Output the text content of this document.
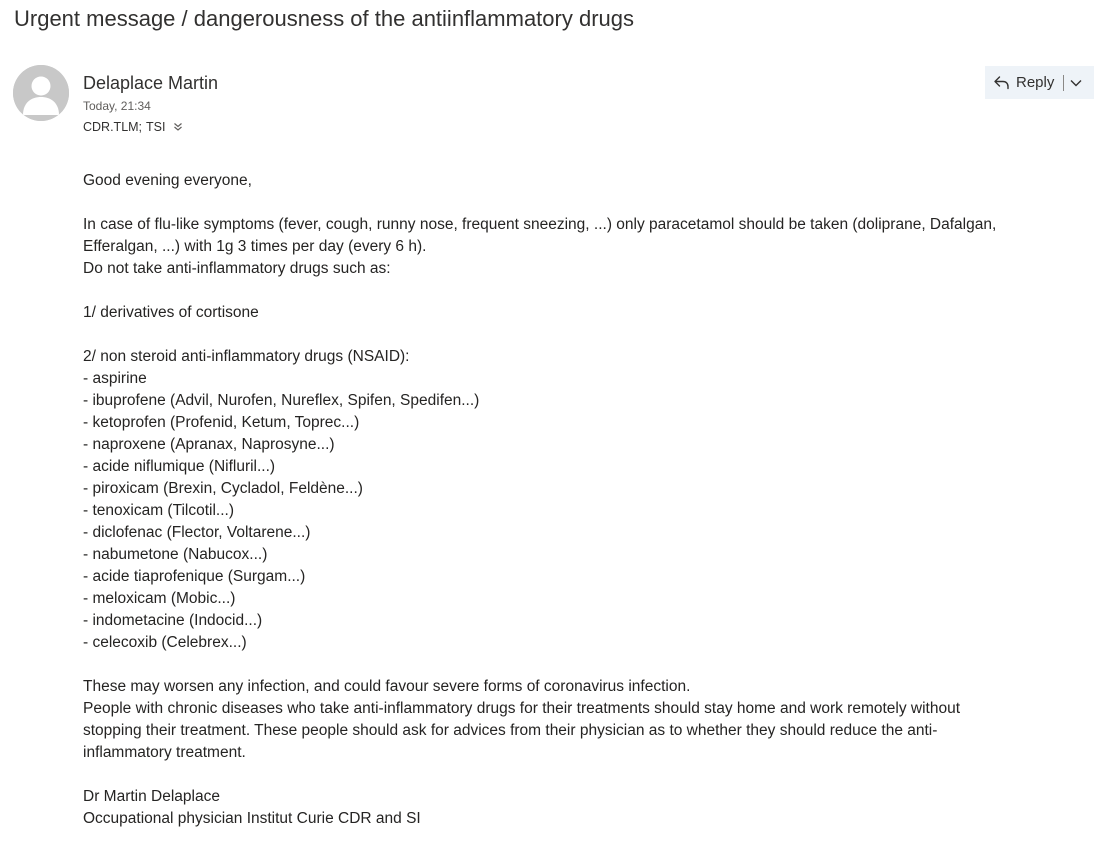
Urgent message / dangerousness of the antiinflammatory drugs
Delaplace Martin
Today, 21:34
CDR.TLM; TSI
Reply

Good evening everyone,

In case of flu-like symptoms (fever, cough, runny nose, frequent sneezing, ...) only paracetamol should be taken (doliprane, Dafalgan,

Efferalgan, ...) with 1g 3 times per day (every 6 h).

Do not take anti-inflammatory drugs such as:

1/ derivatives of cortisone

2/ non steroid anti-inflammatory drugs (NSAID):

- aspirine

- ibuprofene (Advil, Nurofen, Nureflex, Spifen, Spedifen...)

- ketoprofen (Profenid, Ketum, Toprec...)

- naproxene (Apranax, Naprosyne...)

- acide niflumique (Nifluril...)

- piroxicam (Brexin, Cycladol, Feldène...)

- tenoxicam (Tilcotil...)

- diclofenac (Flector, Voltarene...)

- nabumetone (Nabucox...)

- acide tiaprofenique (Surgam...)

- meloxicam (Mobic...)

- indometacine (Indocid...)

- celecoxib (Celebrex...)

These may worsen any infection, and could favour severe forms of coronavirus infection.

People with chronic diseases who take anti-inflammatory drugs for their treatments should stay home and work remotely without

stopping their treatment. These people should ask for advices from their physician as to whether they should reduce the anti-

inflammatory treatment.

Dr Martin Delaplace

Occupational physician Institut Curie CDR and SI
